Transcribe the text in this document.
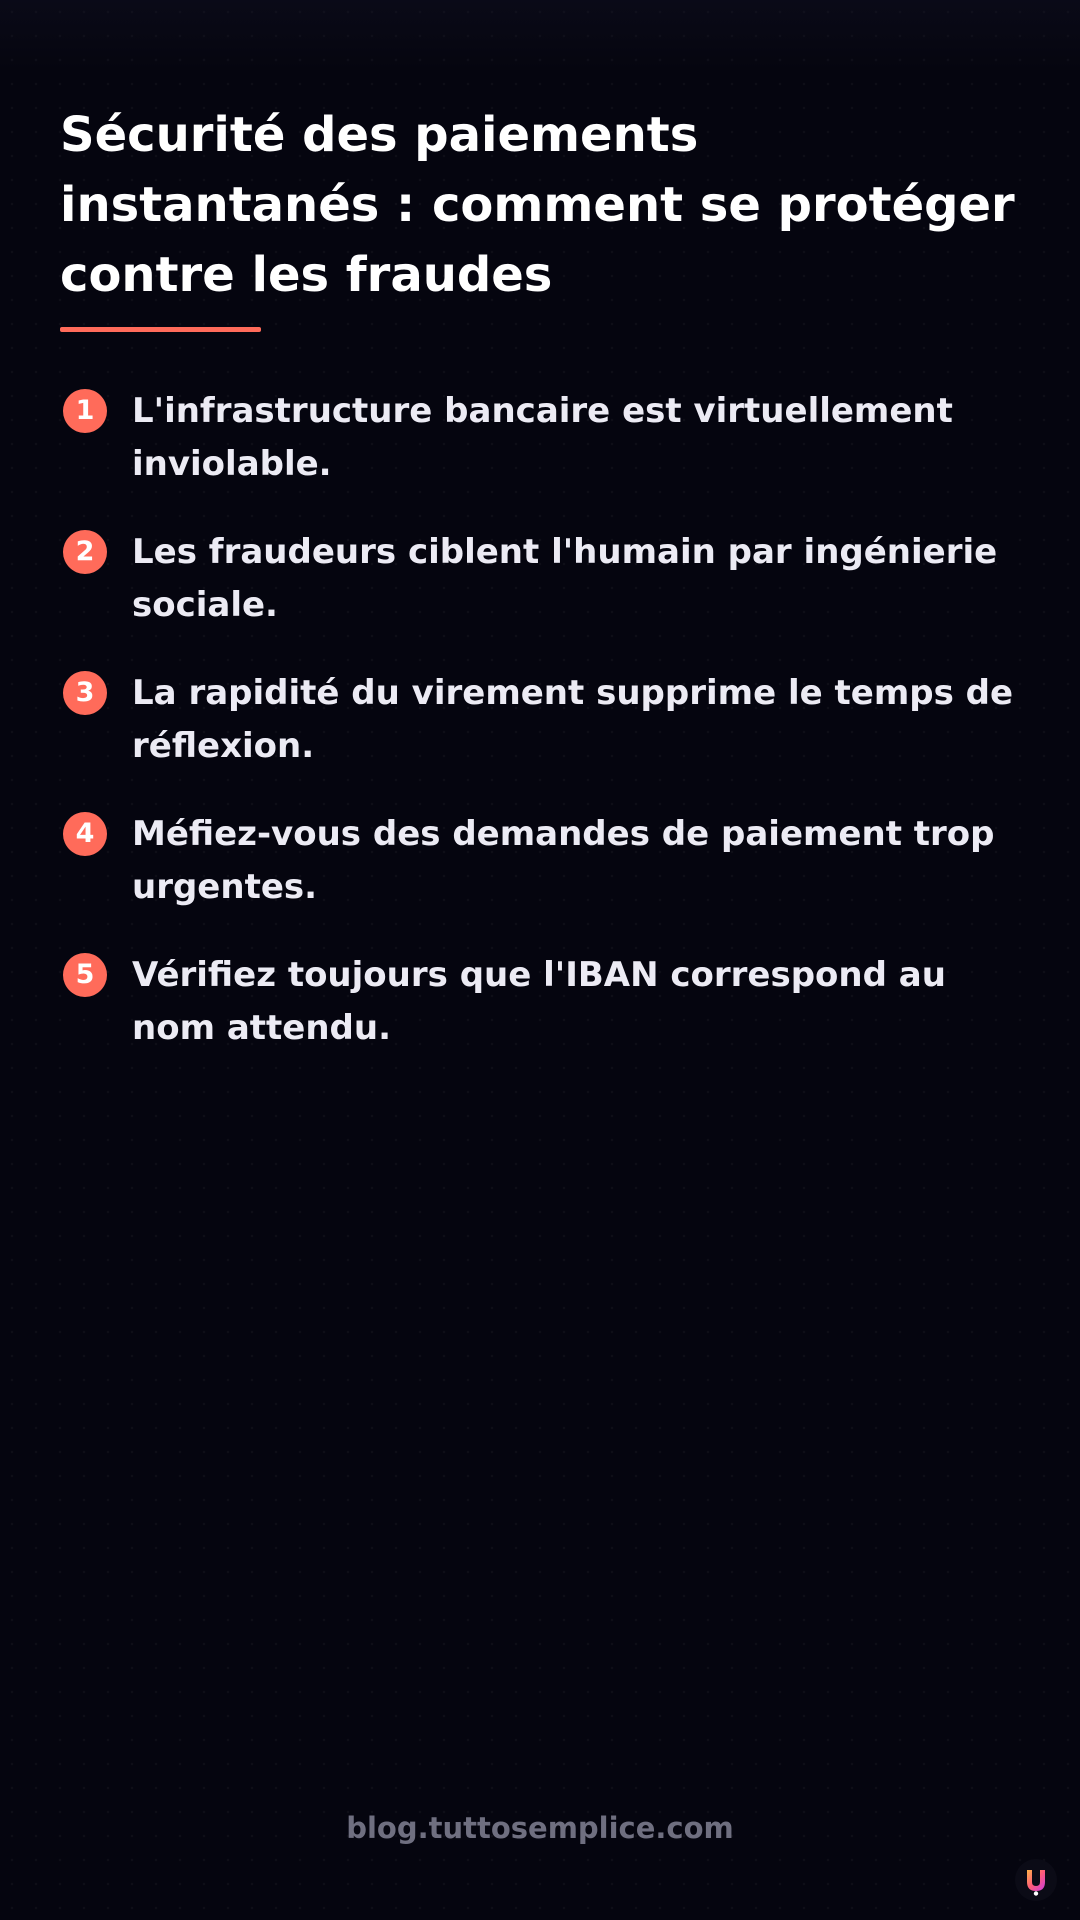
Sécurité des paiements instantanés : comment se protéger contre les fraudes
1	L'infrastructure bancaire est virtuellement inviolable.
2	Les fraudeurs ciblent l'humain par ingénierie sociale.
3	La rapidité du virement supprime le temps de réflexion.
4	Méfiez-vous des demandes de paiement trop urgentes.
5	Vérifiez toujours que l'IBAN correspond au nom attendu.
blog.tuttosemplice.com
